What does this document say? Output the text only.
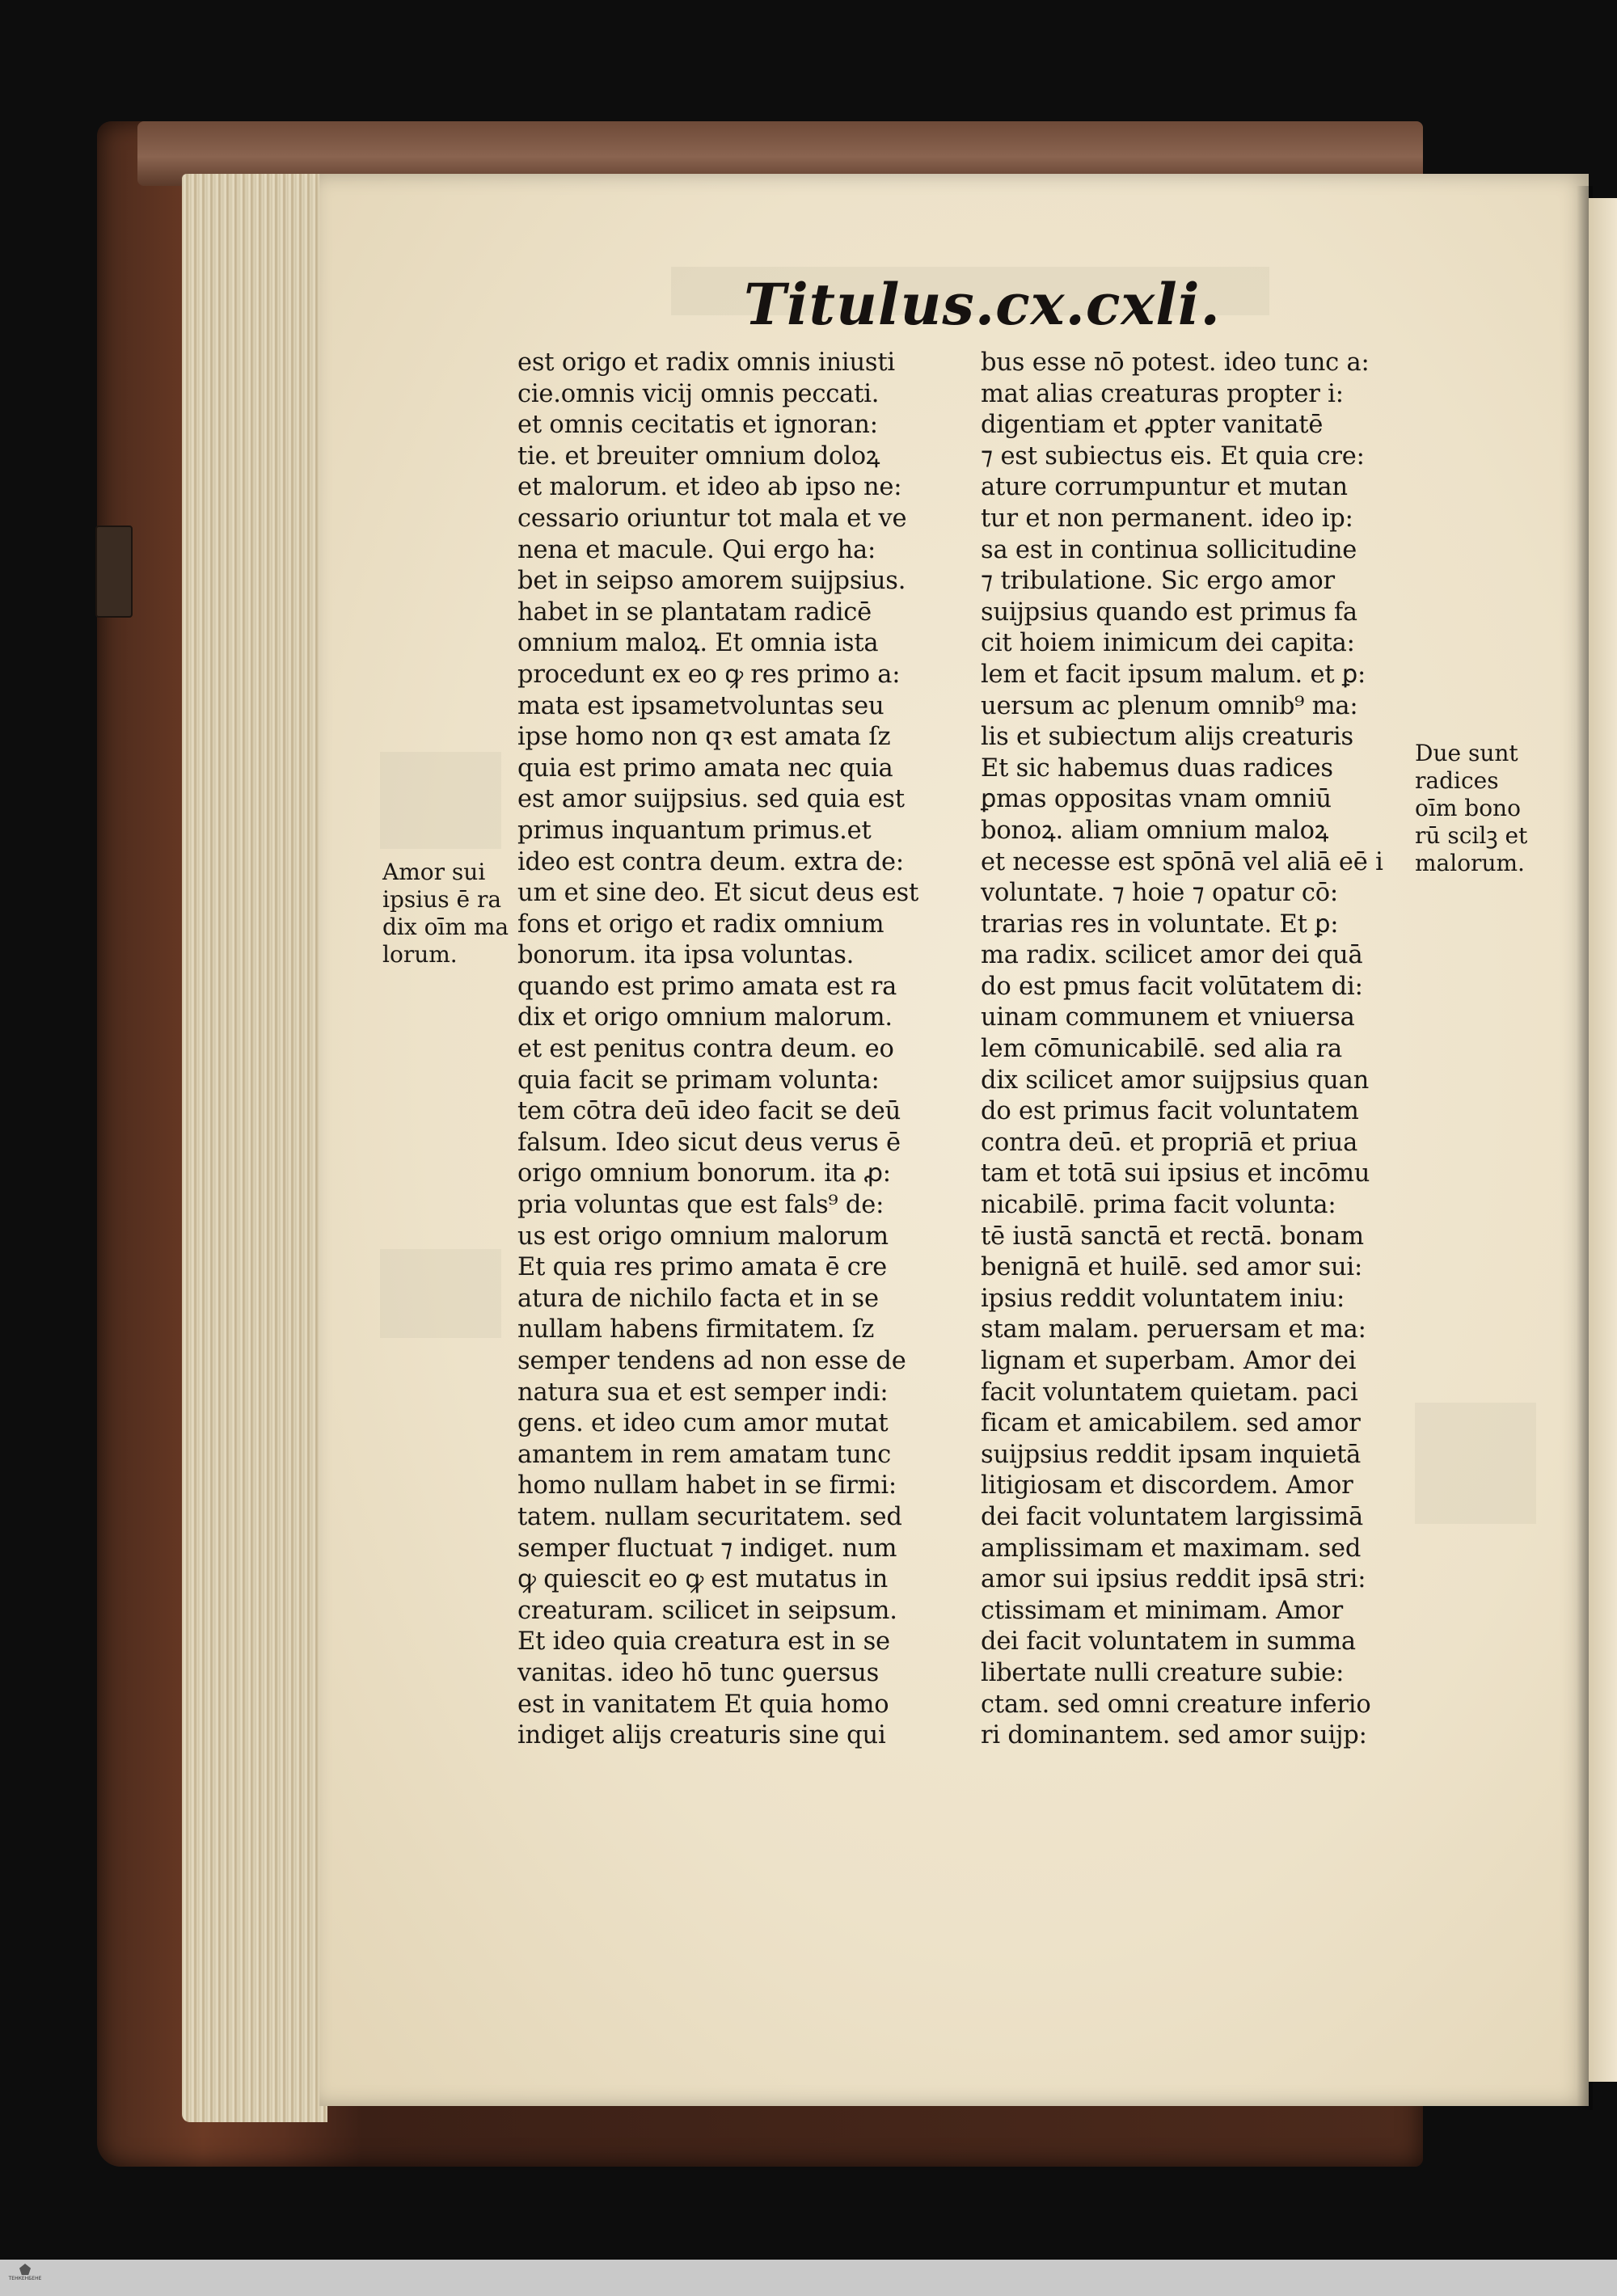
Titulus.cx.cxli.
est origo et radix omnis iniusti
cie.omnis vicij omnis peccati.
et omnis cecitatis et ignoran:
tie. et breuiter omnium doloꝝ
et malorum. et ideo ab ipso ne:
cessario oriuntur tot mala et ve
nena et macule. Qui ergo ha:
bet in seipso amorem suijpsius.
habet in se plantatam radicē
omnium maloꝝ. Et omnia ista
procedunt ex eo ꝙ res primo a:
mata est ipsametvoluntas seu
ipse homo non qꝛ est amata ſz
quia est primo amata nec quia
est amor suijpsius. sed quia est
primus inquantum primus.et
ideo est contra deum. extra de:
um et sine deo. Et sicut deus est
fons et origo et radix omnium
bonorum. ita ipsa voluntas.
quando est primo amata est ra
dix et origo omnium malorum.
et est penitus contra deum. eo
quia facit se primam volunta:
tem cōtra deū ideo facit se deū
falsum. Ideo sicut deus verus ē
origo omnium bonorum. ita ꝓ:
pria voluntas que est fals⁹ de:
us est origo omnium malorum
Et quia res primo amata ē cre
atura de nichilo facta et in se
nullam habens firmitatem. ſz
semper tendens ad non esse de
natura sua et est semper indi:
gens. et ideo cum amor mutat
amantem in rem amatam tunc
homo nullam habet in se firmi:
tatem. nullam securitatem. sed
semper fluctuat ⁊ indiget. num
ꝙ quiescit eo ꝙ est mutatus in
creaturam. scilicet in seipsum.
Et ideo quia creatura est in se
vanitas. ideo hō tunc ꝯuersus
est in vanitatem Et quia homo
indiget alijs creaturis sine qui
bus esse nō potest. ideo tunc a:
mat alias creaturas propter i:
digentiam et ꝓpter vanitatē
⁊ est subiectus eis. Et quia cre:
ature corrumpuntur et mutan
tur et non permanent. ideo ip:
sa est in continua sollicitudine
⁊ tribulatione. Sic ergo amor
suijpsius quando est primus fa
cit hoiem inimicum dei capita:
lem et facit ipsum malum. et ꝑ:
uersum ac plenum omnib⁹ ma:
lis et subiectum alijs creaturis
Et sic habemus duas radices
ꝑmas oppositas vnam omniū
bonoꝝ. aliam omnium maloꝝ
et necesse est spōnā vel aliā eē i
voluntate. ⁊ hoie ⁊ opatur cō:
trarias res in voluntate. Et ꝑ:
ma radix. scilicet amor dei quā
do est pmus facit volūtatem di:
uinam communem et vniuersa
lem cōmunicabilē. sed alia ra
dix scilicet amor suijpsius quan
do est primus facit voluntatem
contra deū. et propriā et priua
tam et totā sui ipsius et incōmu
nicabilē. prima facit volunta:
tē iustā sanctā et rectā. bonam
benignā et huilē. sed amor sui:
ipsius reddit voluntatem iniu:
stam malam. peruersam et ma:
lignam et superbam. Amor dei
facit voluntatem quietam. paci
ficam et amicabilem. sed amor
suijpsius reddit ipsam inquietā
litigiosam et discordem. Amor
dei facit voluntatem largissimā
amplissimam et maximam. sed
amor sui ipsius reddit ipsā stri:
ctissimam et minimam. Amor
dei facit voluntatem in summa
libertate nulli creature subie:
ctam. sed omni creature inferio
ri dominantem. sed amor suijp:
Amor sui
ipsius ē ra
dix oīm ma
lorum.
Due sunt
radices
oīm bono
rū scilꝫ et
malorum.
ТЕНКЕНБЕНЕ
